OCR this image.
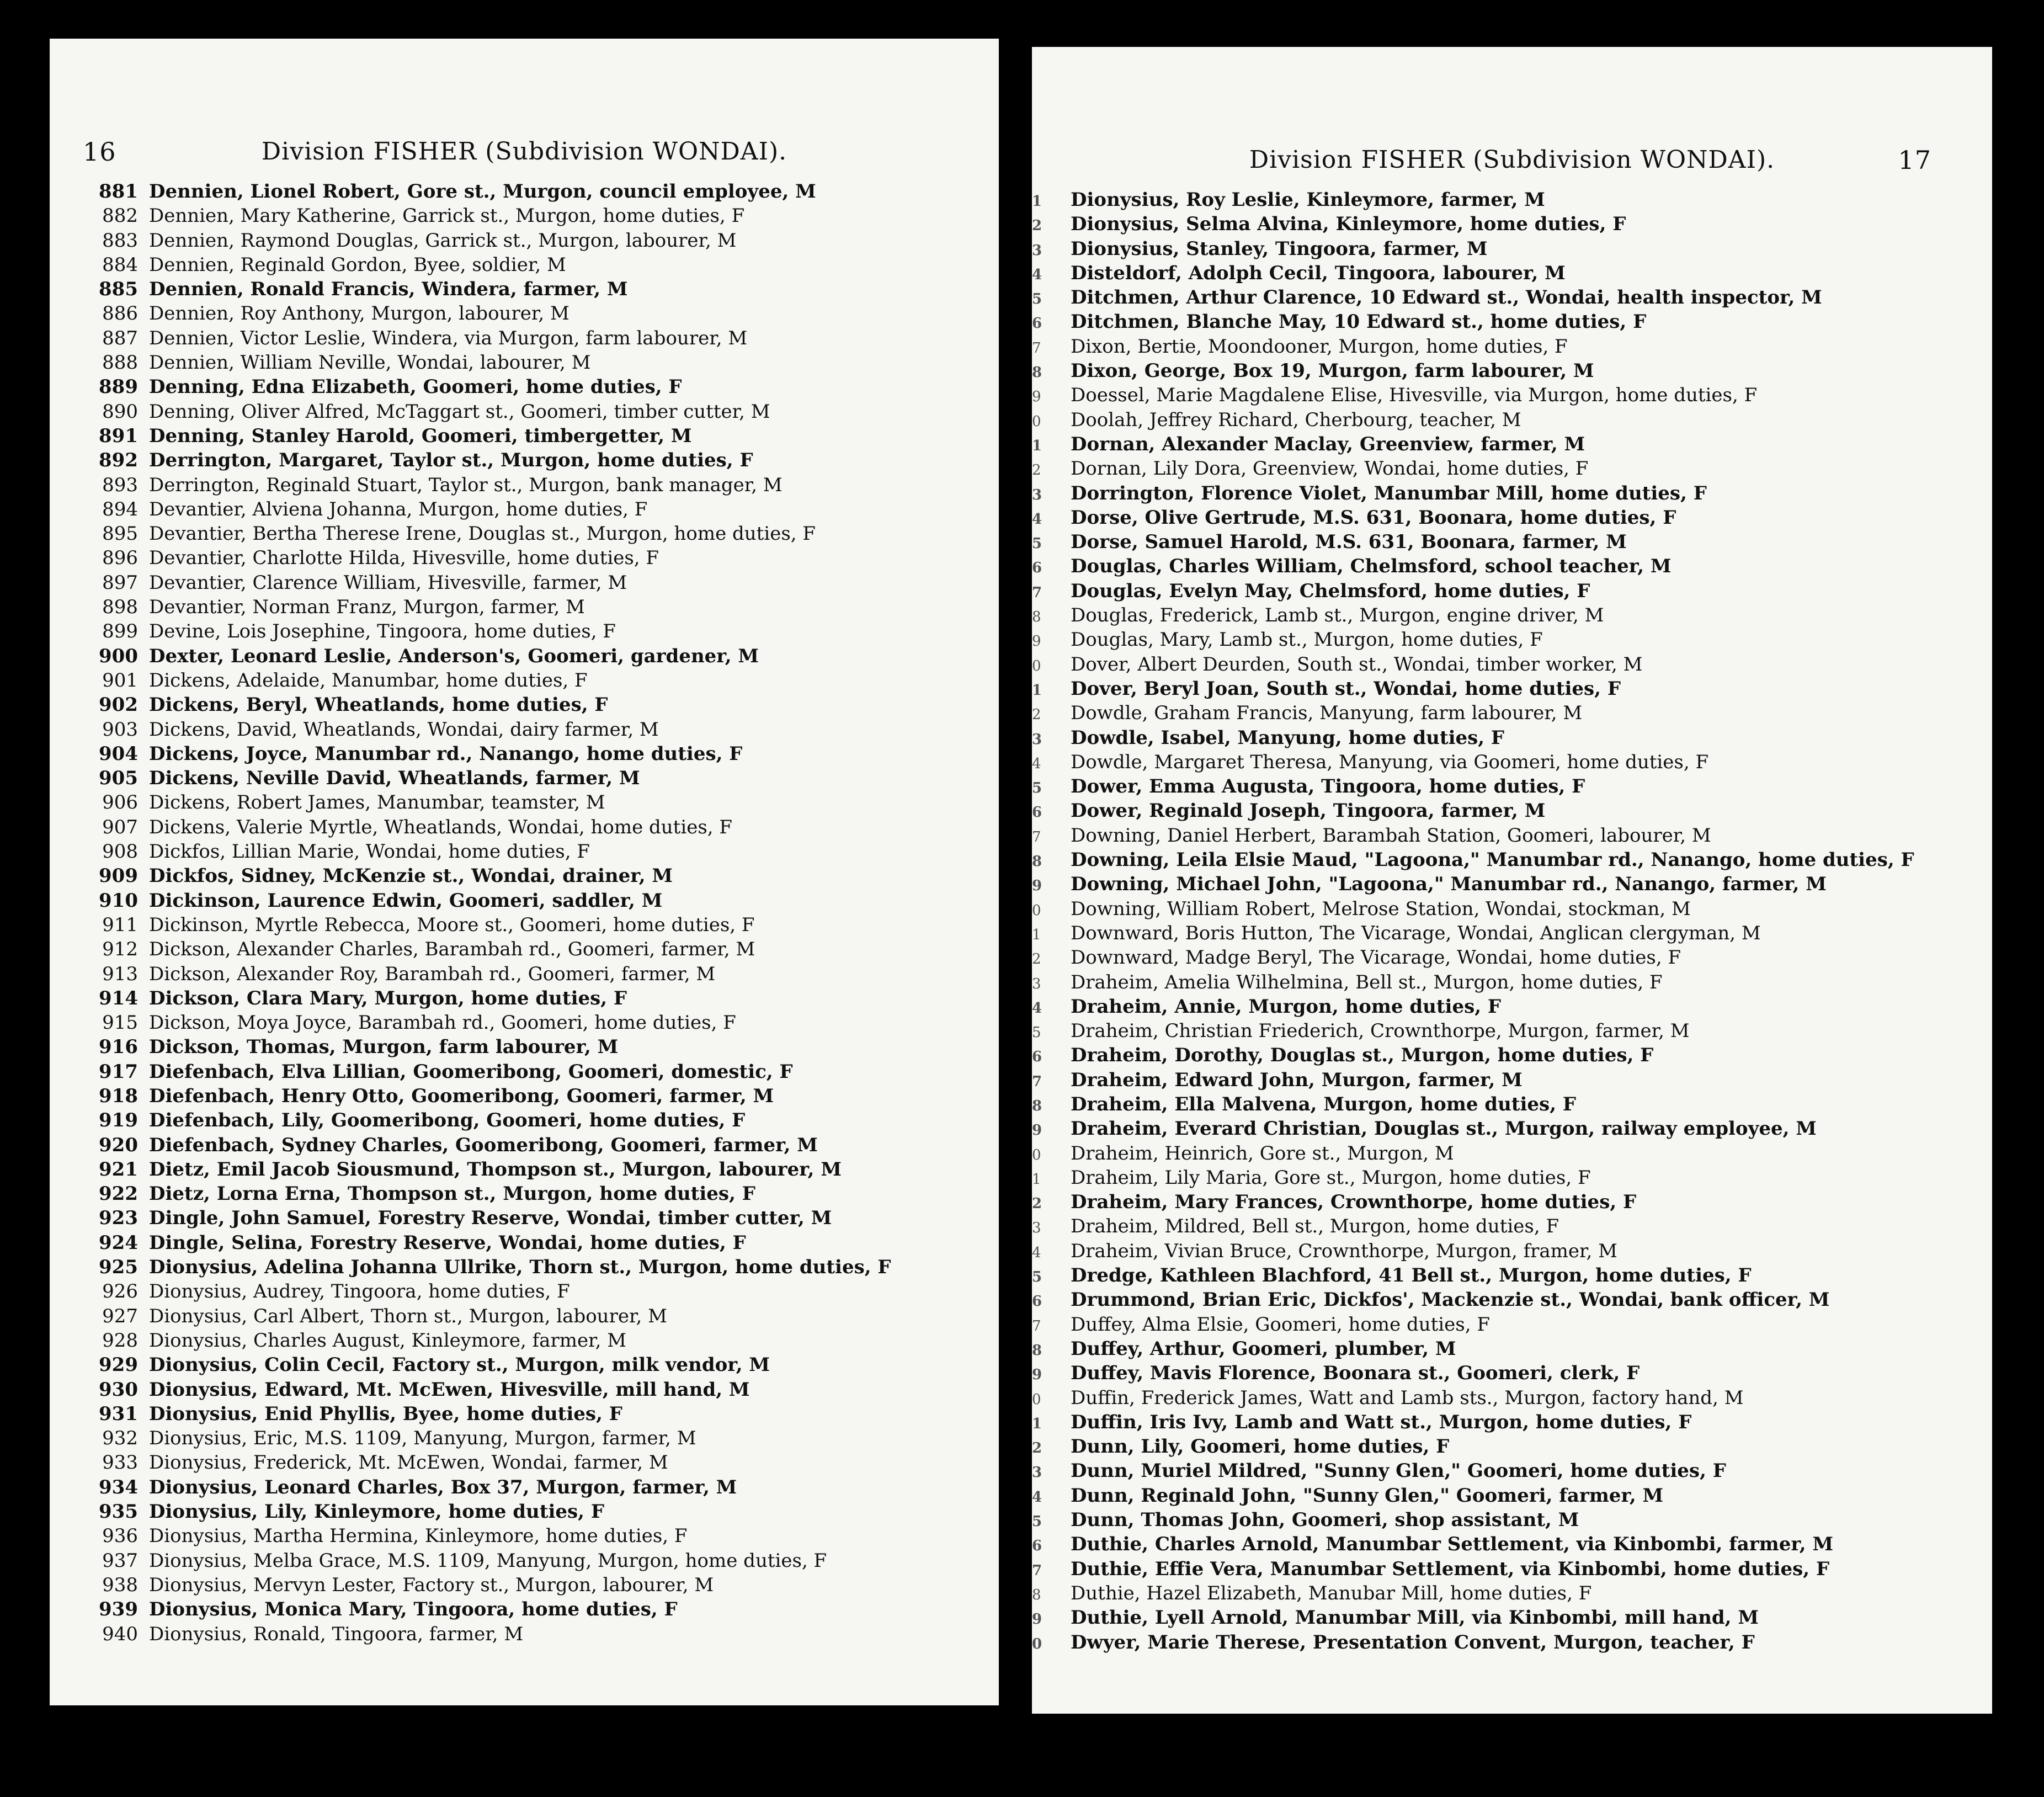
16	Division FISHER (Subdivision WONDAI).
881 Dennien, Lionel Robert, Gore st., Murgon, council employee, M
882 Dennien, Mary Katherine, Garrick st., Murgon, home duties, F
883 Dennien, Raymond Douglas, Garrick st., Murgon, labourer, M
884 Dennien, Reginald Gordon, Byee, soldier, M
885 Dennien, Ronald Francis, Windera, farmer, M
886 Dennien, Roy Anthony, Murgon, labourer, M
887 Dennien, Victor Leslie, Windera, via Murgon, farm labourer, M
888 Dennien, William Neville, Wondai, labourer, M
889 Denning, Edna Elizabeth, Goomeri, home duties, F
890 Denning, Oliver Alfred, McTaggart st., Goomeri, timber cutter, M
891 Denning, Stanley Harold, Goomeri, timbergetter, M
892 Derrington, Margaret, Taylor st., Murgon, home duties, F
893 Derrington, Reginald Stuart, Taylor st., Murgon, bank manager, M
894 Devantier, Alviena Johanna, Murgon, home duties, F
895 Devantier, Bertha Therese Irene, Douglas st., Murgon, home duties, F
896 Devantier, Charlotte Hilda, Hivesville, home duties, F
897 Devantier, Clarence William, Hivesville, farmer, M
898 Devantier, Norman Franz, Murgon, farmer, M
899 Devine, Lois Josephine, Tingoora, home duties, F
900 Dexter, Leonard Leslie, Anderson's, Goomeri, gardener, M
901 Dickens, Adelaide, Manumbar, home duties, F
902 Dickens, Beryl, Wheatlands, home duties, F
903 Dickens, David, Wheatlands, Wondai, dairy farmer, M
904 Dickens, Joyce, Manumbar rd., Nanango, home duties, F
905 Dickens, Neville David, Wheatlands, farmer, M
906 Dickens, Robert James, Manumbar, teamster, M
907 Dickens, Valerie Myrtle, Wheatlands, Wondai, home duties, F
908 Dickfos, Lillian Marie, Wondai, home duties, F
909 Dickfos, Sidney, McKenzie st., Wondai, drainer, M
910 Dickinson, Laurence Edwin, Goomeri, saddler, M
911 Dickinson, Myrtle Rebecca, Moore st., Goomeri, home duties, F
912 Dickson, Alexander Charles, Barambah rd., Goomeri, farmer, M
913 Dickson, Alexander Roy, Barambah rd., Goomeri, farmer, M
914 Dickson, Clara Mary, Murgon, home duties, F
915 Dickson, Moya Joyce, Barambah rd., Goomeri, home duties, F
916 Dickson, Thomas, Murgon, farm labourer, M
917 Diefenbach, Elva Lillian, Goomeribong, Goomeri, domestic, F
918 Diefenbach, Henry Otto, Goomeribong, Goomeri, farmer, M
919 Diefenbach, Lily, Goomeribong, Goomeri, home duties, F
920 Diefenbach, Sydney Charles, Goomeribong, Goomeri, farmer, M
921 Dietz, Emil Jacob Siousmund, Thompson st., Murgon, labourer, M
922 Dietz, Lorna Erna, Thompson st., Murgon, home duties, F
923 Dingle, John Samuel, Forestry Reserve, Wondai, timber cutter, M
924 Dingle, Selina, Forestry Reserve, Wondai, home duties, F
925 Dionysius, Adelina Johanna Ullrike, Thorn st., Murgon, home duties, F
926 Dionysius, Audrey, Tingoora, home duties, F
927 Dionysius, Carl Albert, Thorn st., Murgon, labourer, M
928 Dionysius, Charles August, Kinleymore, farmer, M
929 Dionysius, Colin Cecil, Factory st., Murgon, milk vendor, M
930 Dionysius, Edward, Mt. McEwen, Hivesville, mill hand, M
931 Dionysius, Enid Phyllis, Byee, home duties, F
932 Dionysius, Eric, M.S. 1109, Manyung, Murgon, farmer, M
933 Dionysius, Frederick, Mt. McEwen, Wondai, farmer, M
934 Dionysius, Leonard Charles, Box 37, Murgon, farmer, M
935 Dionysius, Lily, Kinleymore, home duties, F
936 Dionysius, Martha Hermina, Kinleymore, home duties, F
937 Dionysius, Melba Grace, M.S. 1109, Manyung, Murgon, home duties, F
938 Dionysius, Mervyn Lester, Factory st., Murgon, labourer, M
939 Dionysius, Monica Mary, Tingoora, home duties, F
940 Dionysius, Ronald, Tingoora, farmer, M
Division FISHER (Subdivision WONDAI).	17
1 Dionysius, Roy Leslie, Kinleymore, farmer, M
2 Dionysius, Selma Alvina, Kinleymore, home duties, F
3 Dionysius, Stanley, Tingoora, farmer, M
4 Disteldorf, Adolph Cecil, Tingoora, labourer, M
5 Ditchmen, Arthur Clarence, 10 Edward st., Wondai, health inspector, M
6 Ditchmen, Blanche May, 10 Edward st., home duties, F
7 Dixon, Bertie, Moondooner, Murgon, home duties, F
8 Dixon, George, Box 19, Murgon, farm labourer, M
9 Doessel, Marie Magdalene Elise, Hivesville, via Murgon, home duties, F
0 Doolah, Jeffrey Richard, Cherbourg, teacher, M
1 Dornan, Alexander Maclay, Greenview, farmer, M
2 Dornan, Lily Dora, Greenview, Wondai, home duties, F
3 Dorrington, Florence Violet, Manumbar Mill, home duties, F
4 Dorse, Olive Gertrude, M.S. 631, Boonara, home duties, F
5 Dorse, Samuel Harold, M.S. 631, Boonara, farmer, M
6 Douglas, Charles William, Chelmsford, school teacher, M
7 Douglas, Evelyn May, Chelmsford, home duties, F
8 Douglas, Frederick, Lamb st., Murgon, engine driver, M
9 Douglas, Mary, Lamb st., Murgon, home duties, F
0 Dover, Albert Deurden, South st., Wondai, timber worker, M
1 Dover, Beryl Joan, South st., Wondai, home duties, F
2 Dowdle, Graham Francis, Manyung, farm labourer, M
3 Dowdle, Isabel, Manyung, home duties, F
4 Dowdle, Margaret Theresa, Manyung, via Goomeri, home duties, F
5 Dower, Emma Augusta, Tingoora, home duties, F
6 Dower, Reginald Joseph, Tingoora, farmer, M
7 Downing, Daniel Herbert, Barambah Station, Goomeri, labourer, M
8 Downing, Leila Elsie Maud, "Lagoona," Manumbar rd., Nanango, home duties, F
9 Downing, Michael John, "Lagoona," Manumbar rd., Nanango, farmer, M
0 Downing, William Robert, Melrose Station, Wondai, stockman, M
1 Downward, Boris Hutton, The Vicarage, Wondai, Anglican clergyman, M
2 Downward, Madge Beryl, The Vicarage, Wondai, home duties, F
3 Draheim, Amelia Wilhelmina, Bell st., Murgon, home duties, F
4 Draheim, Annie, Murgon, home duties, F
5 Draheim, Christian Friederich, Crownthorpe, Murgon, farmer, M
6 Draheim, Dorothy, Douglas st., Murgon, home duties, F
7 Draheim, Edward John, Murgon, farmer, M
8 Draheim, Ella Malvena, Murgon, home duties, F
9 Draheim, Everard Christian, Douglas st., Murgon, railway employee, M
0 Draheim, Heinrich, Gore st., Murgon, M
1 Draheim, Lily Maria, Gore st., Murgon, home duties, F
2 Draheim, Mary Frances, Crownthorpe, home duties, F
3 Draheim, Mildred, Bell st., Murgon, home duties, F
4 Draheim, Vivian Bruce, Crownthorpe, Murgon, framer, M
5 Dredge, Kathleen Blachford, 41 Bell st., Murgon, home duties, F
6 Drummond, Brian Eric, Dickfos', Mackenzie st., Wondai, bank officer, M
7 Duffey, Alma Elsie, Goomeri, home duties, F
8 Duffey, Arthur, Goomeri, plumber, M
9 Duffey, Mavis Florence, Boonara st., Goomeri, clerk, F
0 Duffin, Frederick James, Watt and Lamb sts., Murgon, factory hand, M
1 Duffin, Iris Ivy, Lamb and Watt st., Murgon, home duties, F
2 Dunn, Lily, Goomeri, home duties, F
3 Dunn, Muriel Mildred, "Sunny Glen," Goomeri, home duties, F
4 Dunn, Reginald John, "Sunny Glen," Goomeri, farmer, M
5 Dunn, Thomas John, Goomeri, shop assistant, M
6 Duthie, Charles Arnold, Manumbar Settlement, via Kinbombi, farmer, M
7 Duthie, Effie Vera, Manumbar Settlement, via Kinbombi, home duties, F
8 Duthie, Hazel Elizabeth, Manubar Mill, home duties, F
9 Duthie, Lyell Arnold, Manumbar Mill, via Kinbombi, mill hand, M
0 Dwyer, Marie Therese, Presentation Convent, Murgon, teacher, F
